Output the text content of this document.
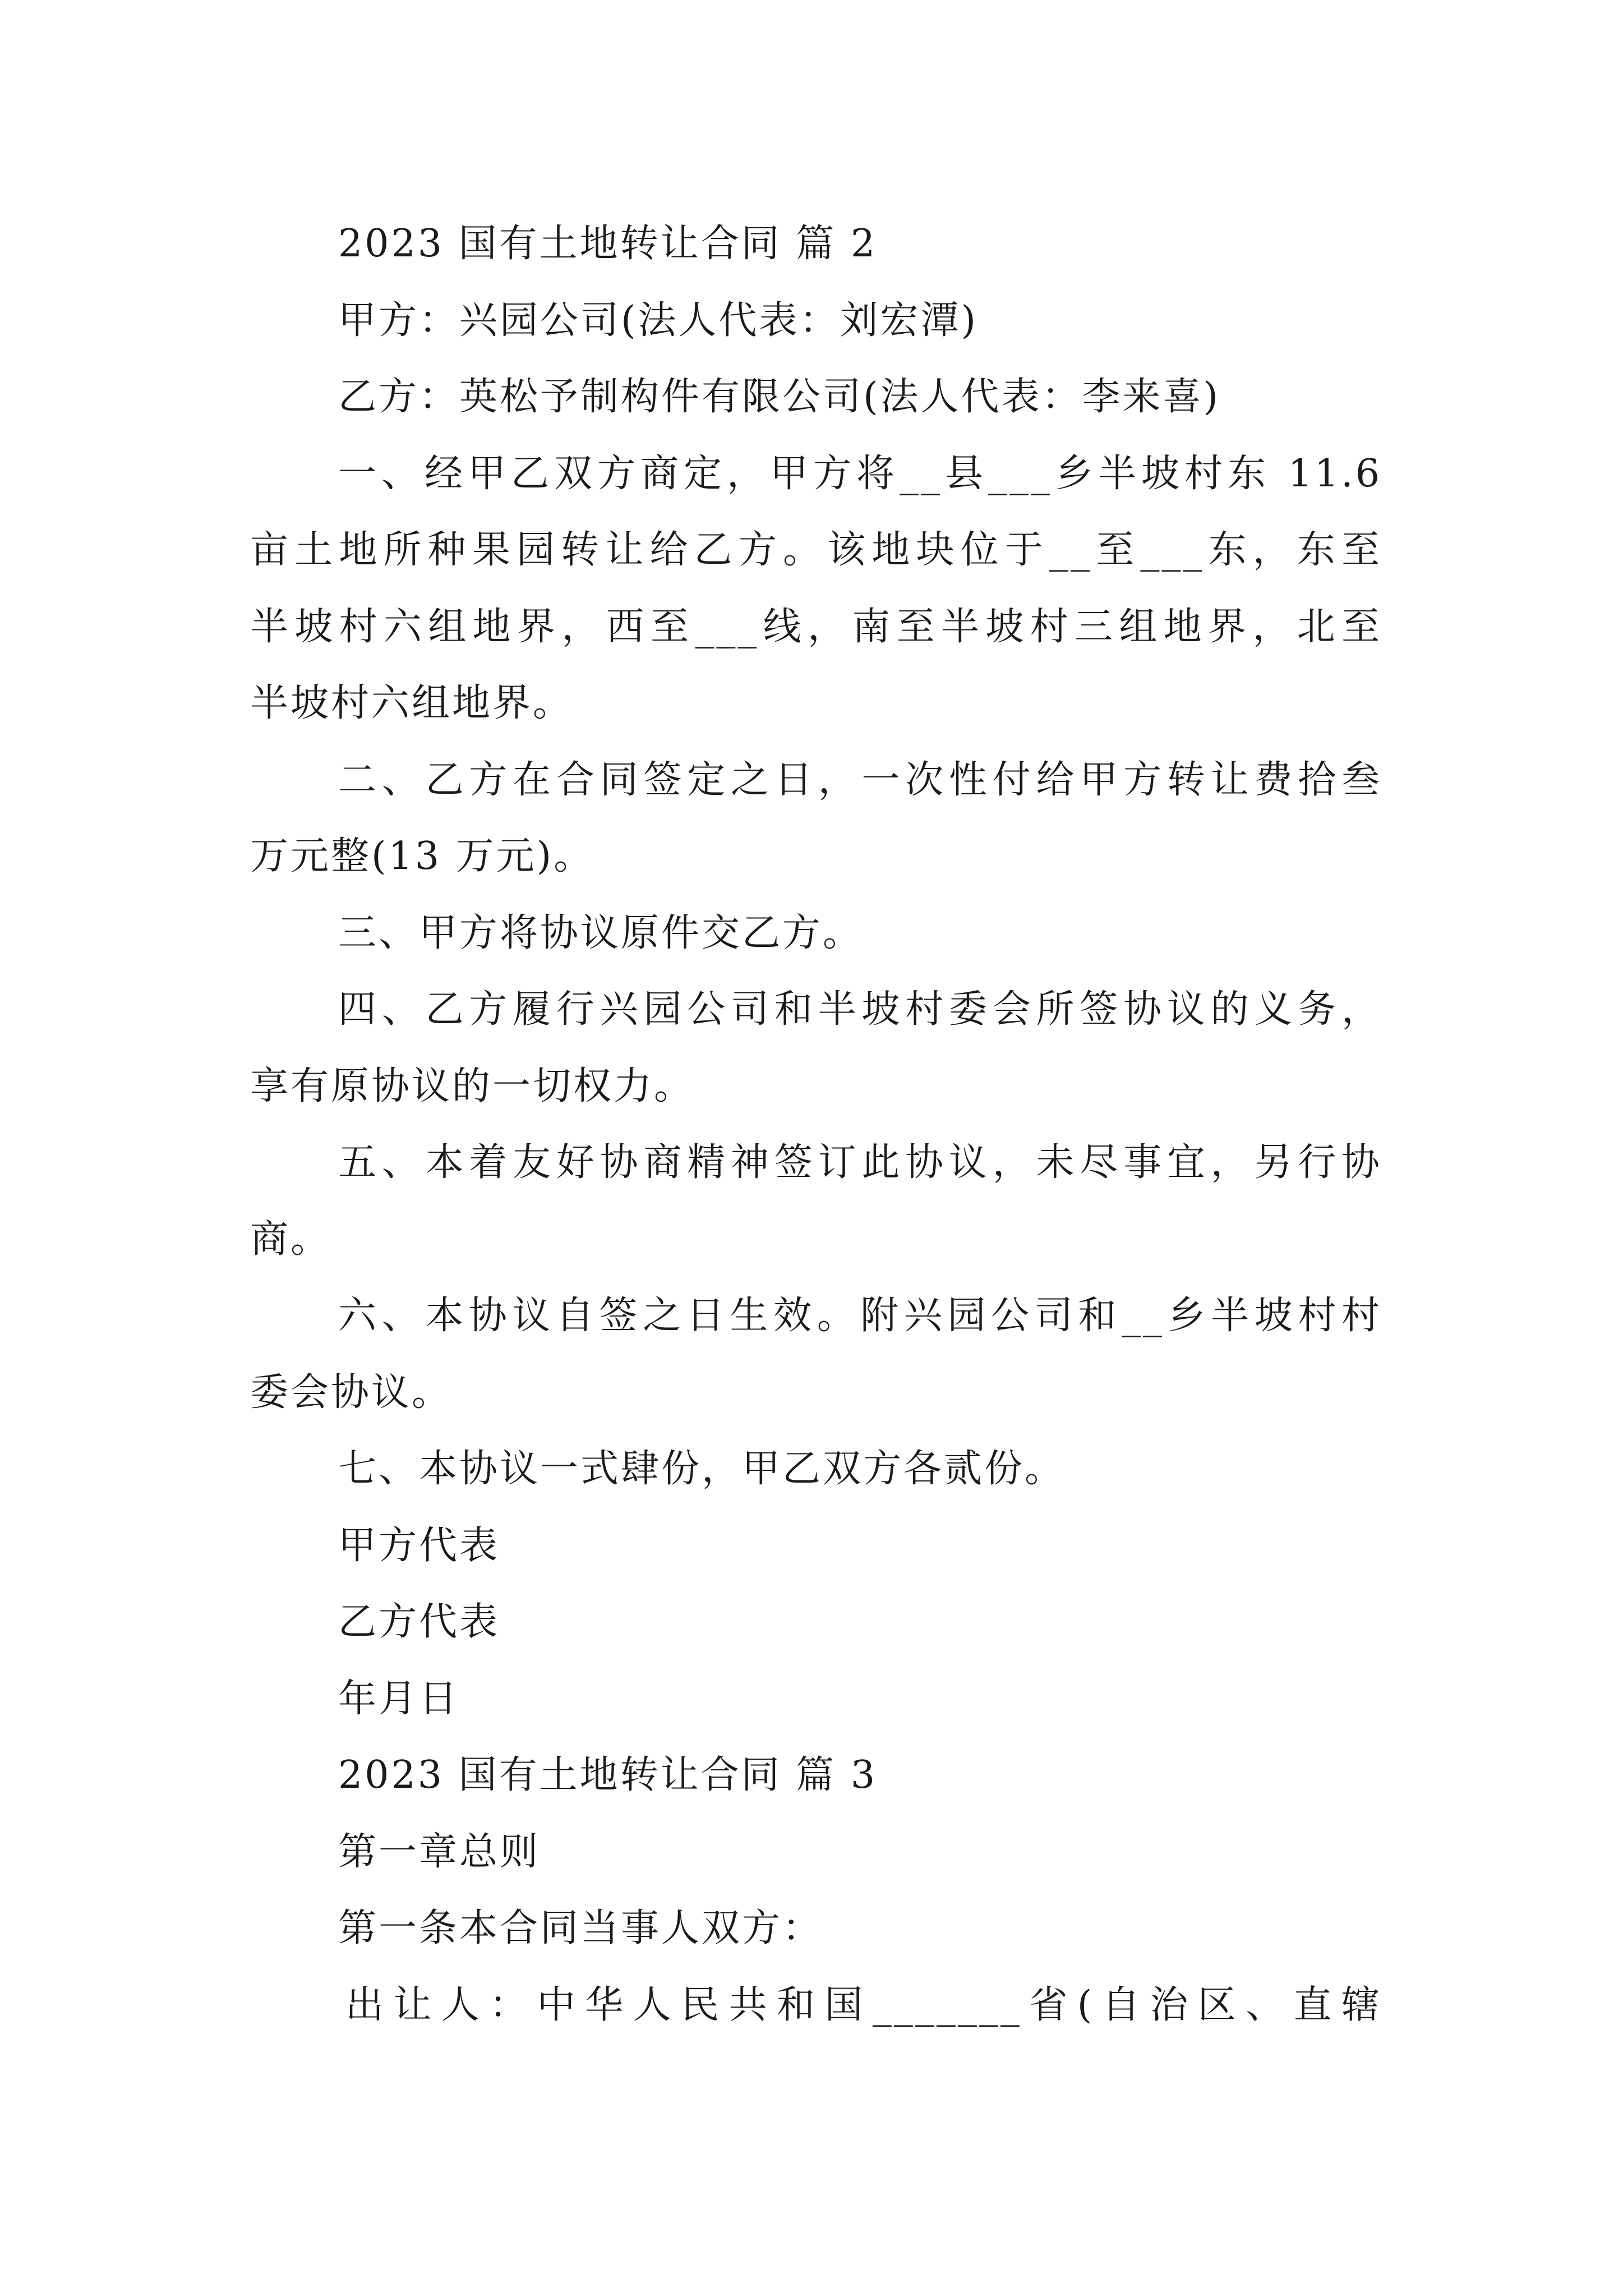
2023 国有土地转让合同 篇 2
甲方：兴园公司(法人代表：刘宏潭)
乙方：英松予制构件有限公司(法人代表：李来喜)
一、经甲乙双方商定，甲方将__县___乡半坡村东 11.6
亩土地所种果园转让给乙方。该地块位于__至___东，东至
半坡村六组地界，西至___线，南至半坡村三组地界，北至
半坡村六组地界。
二、乙方在合同签定之日，一次性付给甲方转让费拾叁
万元整(13 万元)。
三、甲方将协议原件交乙方。
四、乙方履行兴园公司和半坡村委会所签协议的义务，
享有原协议的一切权力。
五、本着友好协商精神签订此协议，未尽事宜，另行协
商。
六、本协议自签之日生效。附兴园公司和__乡半坡村村
委会协议。
七、本协议一式肆份，甲乙双方各贰份。
甲方代表
乙方代表
年月日
2023 国有土地转让合同 篇 3
第一章总则
第一条本合同当事人双方：
出让人：中华人民共和国_______省(自治区、直辖
